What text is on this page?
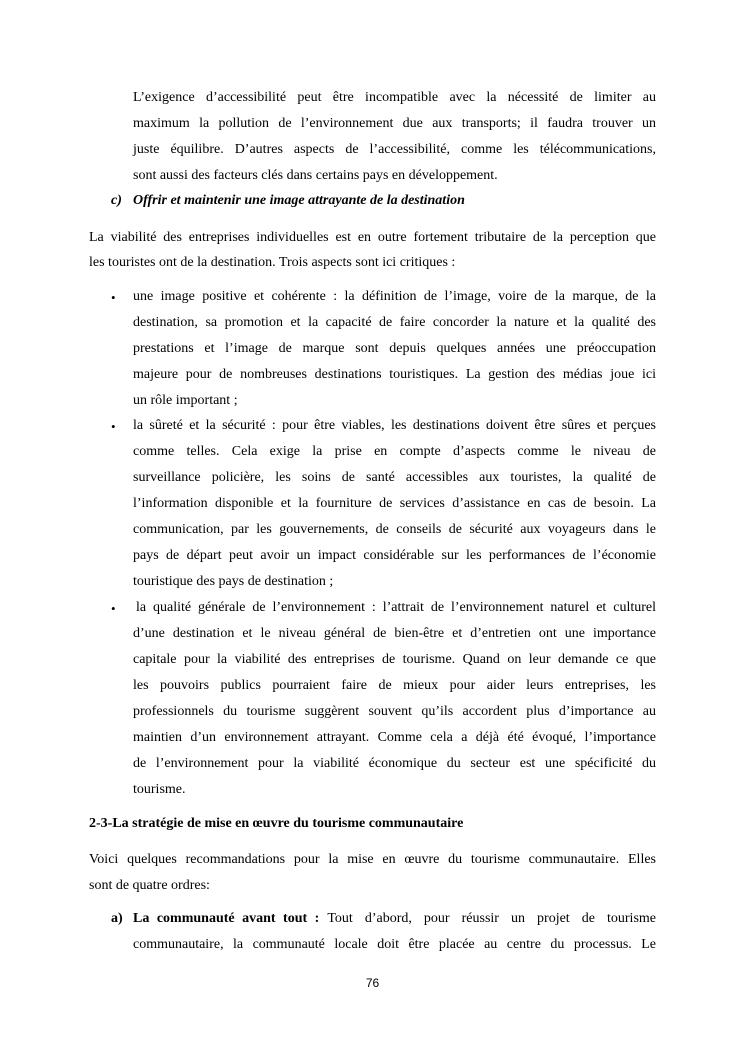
L’exigence d’accessibilité peut être incompatible avec la nécessité de limiter au
maximum la pollution de l’environnement due aux transports; il faudra trouver un
juste équilibre. D’autres aspects de l’accessibilité, comme les télécommunications,
sont aussi des facteurs clés dans certains pays en développement.
c) Offrir et maintenir une image attrayante de la destination
La viabilité des entreprises individuelles est en outre fortement tributaire de la perception que
les touristes ont de la destination. Trois aspects sont ici critiques :
• une image positive et cohérente : la définition de l’image, voire de la marque, de la
destination, sa promotion et la capacité de faire concorder la nature et la qualité des
prestations et l’image de marque sont depuis quelques années une préoccupation
majeure pour de nombreuses destinations touristiques. La gestion des médias joue ici
un rôle important ;
• la sûreté et la sécurité : pour être viables, les destinations doivent être sûres et perçues
comme telles. Cela exige la prise en compte d’aspects comme le niveau de
surveillance policière, les soins de santé accessibles aux touristes, la qualité de
l’information disponible et la fourniture de services d’assistance en cas de besoin. La
communication, par les gouvernements, de conseils de sécurité aux voyageurs dans le
pays de départ peut avoir un impact considérable sur les performances de l’économie
touristique des pays de destination ;
• la qualité générale de l’environnement : l’attrait de l’environnement naturel et culturel
d’une destination et le niveau général de bien-être et d’entretien ont une importance
capitale pour la viabilité des entreprises de tourisme. Quand on leur demande ce que
les pouvoirs publics pourraient faire de mieux pour aider leurs entreprises, les
professionnels du tourisme suggèrent souvent qu’ils accordent plus d’importance au
maintien d’un environnement attrayant. Comme cela a déjà été évoqué, l’importance
de l’environnement pour la viabilité économique du secteur est une spécificité du
tourisme.
2-3-La stratégie de mise en œuvre du tourisme communautaire
Voici quelques recommandations pour la mise en œuvre du tourisme communautaire. Elles
sont de quatre ordres:
a) La communauté avant tout : Tout d’abord, pour réussir un projet de tourisme
communautaire, la communauté locale doit être placée au centre du processus. Le
76
